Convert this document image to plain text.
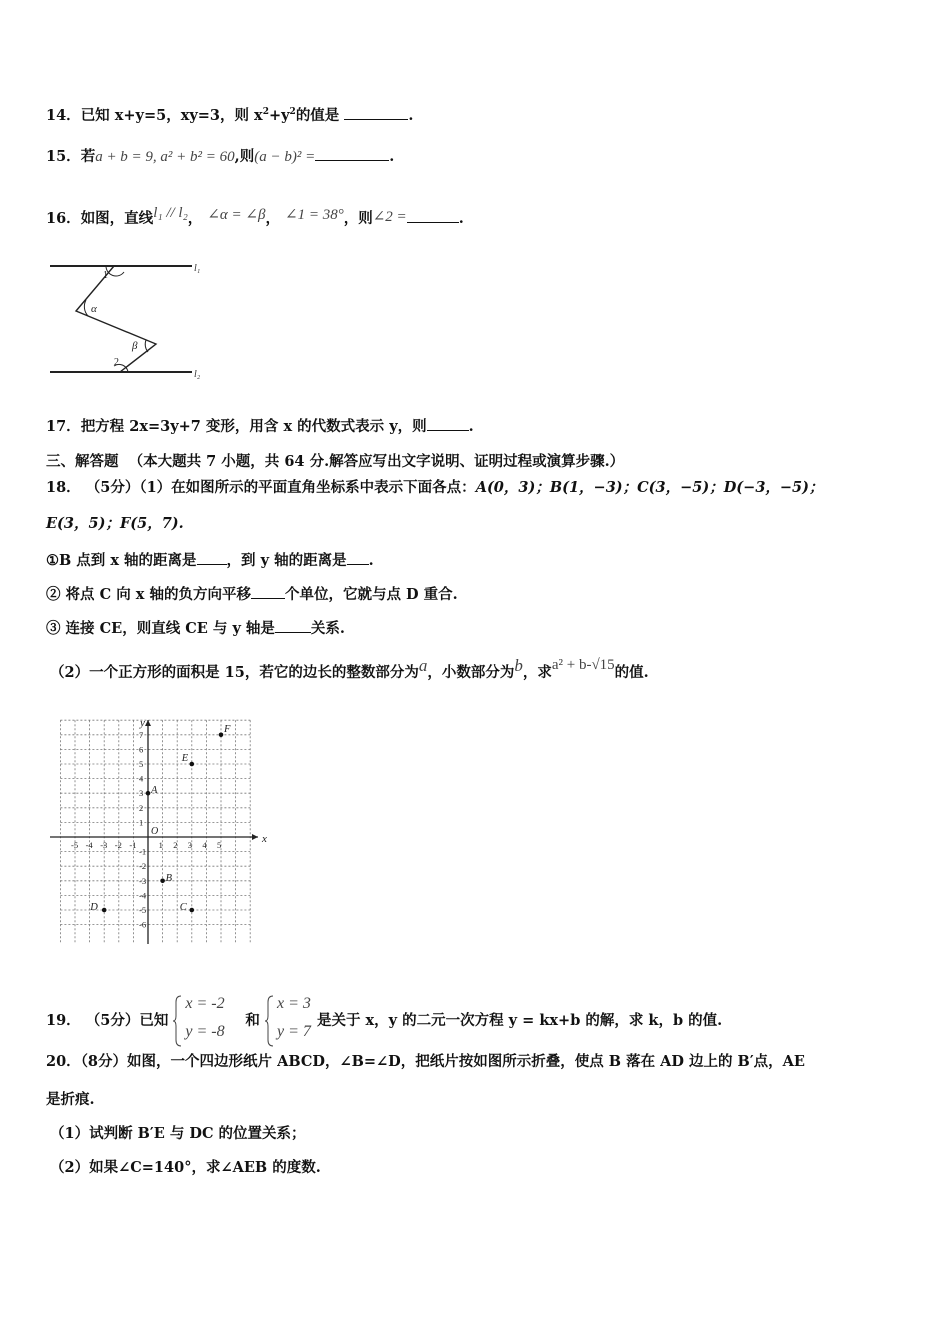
14．已知 x+y=5，xy=3，则 $x^2+y^2$的值是	.
15．若a + b = 9, a² + b² = 60,则(a − b)² =	.
16．如图，直线l₁ // l₂， ∠α = ∠β， ∠1 = 38°，则∠2 =	.
l₁
l₂
1
α
β
2
17．把方程 2x=3y+7 变形，用含 x 的代数式表示 y，则	.
三、解答题 （本大题共 7 小题，共 64 分.解答应写出文字说明、证明过程或演算步骤.）
18． （5分）（1）在如图所示的平面直角坐标系中表示下面各点：A(0，3)；B(1，−3)；C(3，−5)；D(−3，−5)；
E(3，5)；F(5，7).
①B 点到 x 轴的距离是 ，到 y 轴的距离是 .
② 将点 C 向 x 轴的负方向平移 个单位，它就与点 D 重合.
③ 连接 CE，则直线 CE 与 y 轴是 关系.
（2）一个正方形的面积是 15，若它的边长的整数部分为a，小数部分为b，求a² + b-√15的值.
x
y
O
-5 -4 -3 -2 -1	1 2 3 4 5
7
6
5
4
3
2
1
-1
-2
-3
-4
-5
-6
A
B
C
D
E
F
19． （5分）已知
x = -2
y = -8
和
x = 3
y = 7
是关于 x，y 的二元一次方程 y = kx+b 的解，求 k，b 的值.
20．（8分）如图，一个四边形纸片 ABCD，∠B=∠D，把纸片按如图所示折叠，使点 B 落在 AD 边上的 B′点，AE
是折痕.
（1）试判断 B′E 与 DC 的位置关系；
（2）如果∠C=140°，求∠AEB 的度数.
